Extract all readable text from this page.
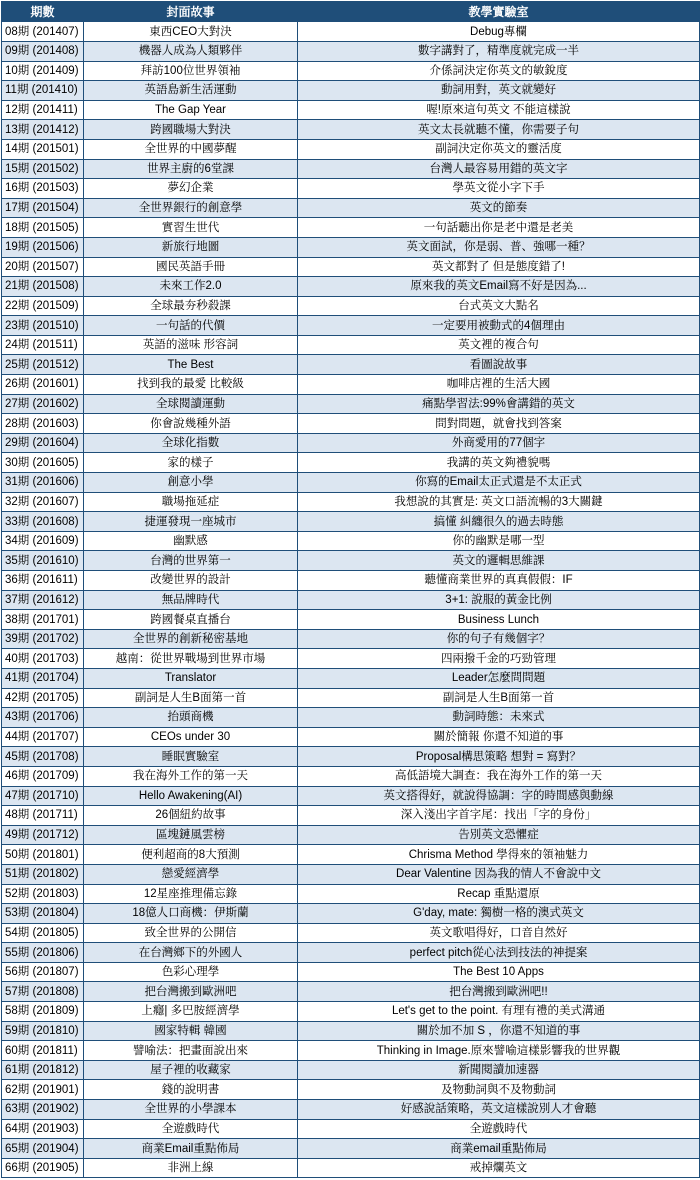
期數	封面故事	教學實驗室
08期 (201407)	東西CEO大對決	Debug專欄
09期 (201408)	機器人成為人類夥伴	數字講對了，精準度就完成一半
10期 (201409)	拜訪100位世界領袖	介係詞決定你英文的敏銳度
11期 (201410)	英語島新生活運動	動詞用對，英文就變好
12期 (201411)	The Gap Year	喔!原來這句英文 不能這樣說
13期 (201412)	跨國職場大對決	英文太長就聽不懂，你需要子句
14期 (201501)	全世界的中國夢醒	副詞決定你英文的靈活度
15期 (201502)	世界主廚的6堂課	台灣人最容易用錯的英文字
16期 (201503)	夢幻企業	學英文從小字下手
17期 (201504)	全世界銀行的創意學	英文的節奏
18期 (201505)	實習生世代	一句話聽出你是老中還是老美
19期 (201506)	新旅行地圖	英文面試，你是弱、普、強哪一種？
20期 (201507)	國民英語手冊	英文都對了 但是態度錯了!
21期 (201508)	未來工作2.0	原來我的英文Email寫不好是因為...
22期 (201509)	全球最夯秒殺課	台式英文大點名
23期 (201510)	一句話的代價	一定要用被動式的4個理由
24期 (201511)	英語的滋味 形容詞	英文裡的複合句
25期 (201512)	The Best	看圖說故事
26期 (201601)	找到我的最愛 比較級	咖啡店裡的生活大國
27期 (201602)	全球閱讀運動	痛點學習法:99%會講錯的英文
28期 (201603)	你會說幾種外語	問對問題，就會找到答案
29期 (201604)	全球化指數	外商愛用的77個字
30期 (201605)	家的樣子	我講的英文夠禮貌嗎
31期 (201606)	創意小學	你寫的Email太正式還是不太正式
32期 (201607)	職場拖延症	我想說的其實是: 英文口語流暢的3大關鍵
33期 (201608)	捷運發現一座城市	搞懂 糾纏很久的過去時態
34期 (201609)	幽默感	你的幽默是哪一型
35期 (201610)	台灣的世界第一	英文的邏輯思維課
36期 (201611)	改變世界的設計	聽懂商業世界的真真假假：IF
37期 (201612)	無品牌時代	3+1: 說服的黃金比例
38期 (201701)	跨國餐桌直播台	Business Lunch
39期 (201702)	全世界的創新秘密基地	你的句子有幾個字？
40期 (201703)	越南：從世界戰場到世界市場	四兩撥千金的巧勁管理
41期 (201704)	Translator	Leader怎麼問問題
42期 (201705)	副詞是人生B面第一首	副詞是人生B面第一首
43期 (201706)	抬頭商機	動詞時態：未來式
44期 (201707)	CEOs under 30	關於簡報 你還不知道的事
45期 (201708)	睡眠實驗室	Proposal構思策略 想對 = 寫對？
46期 (201709)	我在海外工作的第一天	高低語境大調查：我在海外工作的第一天
47期 (201710)	Hello Awakening(AI)	英文搭得好，就說得協調：字的時間感與動線
48期 (201711)	26個紐約故事	深入淺出字首字尾：找出「字的身份」
49期 (201712)	區塊鏈風雲榜	告別英文恐懼症
50期 (201801)	便利超商的8大預測	Chrisma Method 學得來的領袖魅力
51期 (201802)	戀愛經濟學	Dear Valentine 因為我的情人不會說中文
52期 (201803)	12星座推理備忘錄	Recap 重點還原
53期 (201804)	18億人口商機：伊斯蘭	G'day, mate: 獨樹一格的澳式英文
54期 (201805)	致全世界的公開信	英文歌唱得好，口音自然好
55期 (201806)	在台灣鄉下的外國人	perfect pitch從心法到技法的神提案
56期 (201807)	色彩心理學	The Best 10 Apps
57期 (201808)	把台灣搬到歐洲吧	把台灣搬到歐洲吧!!
58期 (201809)	上癮| 多巴胺經濟學	Let's get to the point. 有理有禮的美式溝通
59期 (201810)	國家特輯 韓國	關於加不加 S ，你還不知道的事
60期 (201811)	譬喻法：把畫面說出來	Thinking in Image.原來譬喻這樣影響我的世界觀
61期 (201812)	屋子裡的收藏家	新聞閱讀加速器
62期 (201901)	錢的說明書	及物動詞與不及物動詞
63期 (201902)	全世界的小學課本	好感說話策略，英文這樣說別人才會聽
64期 (201903)	全遊戲時代	全遊戲時代
65期 (201904)	商業Email重點佈局	商業email重點佈局
66期 (201905)	非洲上線	戒掉爛英文
